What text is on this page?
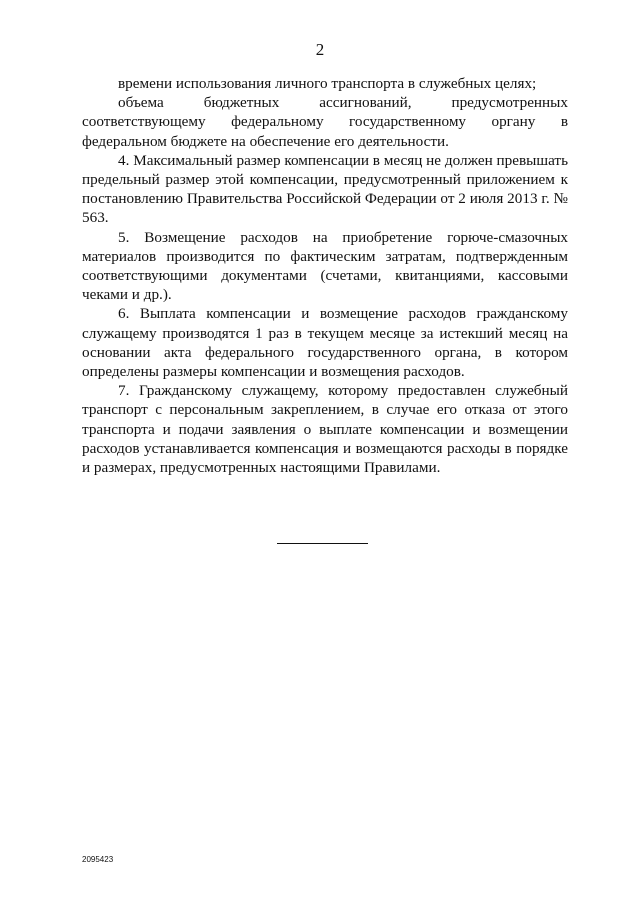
2

времени использования личного транспорта в служебных целях;

объема бюджетных ассигнований, предусмотренных соответствующему федеральному государственному органу в федеральном бюджете на обеспечение его деятельности.

4. Максимальный размер компенсации в месяц не должен превышать предельный размер этой компенсации, предусмотренный приложением к постановлению Правительства Российской Федерации от 2 июля 2013 г. № 563.

5. Возмещение расходов на приобретение горюче-смазочных материалов производится по фактическим затратам, подтвержденным соответствующими документами (счетами, квитанциями, кассовыми чеками и др.).

6. Выплата компенсации и возмещение расходов гражданскому служащему производятся 1 раз в текущем месяце за истекший месяц на основании акта федерального государственного органа, в котором определены размеры компенсации и возмещения расходов.

7. Гражданскому служащему, которому предоставлен служебный транспорт с персональным закреплением, в случае его отказа от этого транспорта и подачи заявления о выплате компенсации и возмещении расходов устанавливается компенсация и возмещаются расходы в порядке и размерах, предусмотренных настоящими Правилами.

2095423
